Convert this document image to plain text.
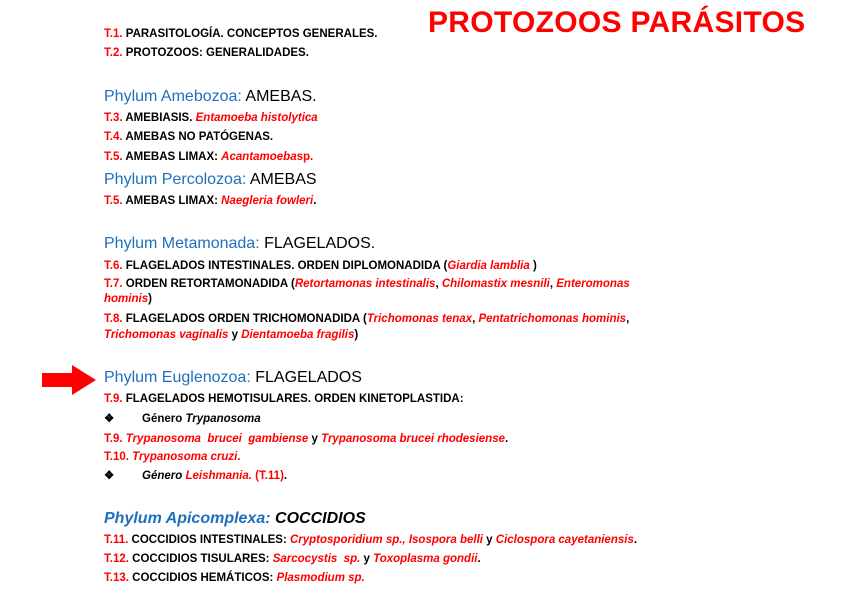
PROTOZOOS PARÁSITOS
T.1. PARASITOLOGÍA. CONCEPTOS GENERALES.
T.2. PROTOZOOS: GENERALIDADES.
Phylum Amebozoa: AMEBAS.
T.3. AMEBIASIS. Entamoeba histolytica
T.4. AMEBAS NO PATÓGENAS.
T.5. AMEBAS LIMAX: Acantamoebasp.
Phylum Percolozoa: AMEBAS
T.5. AMEBAS LIMAX: Naegleria fowleri.
Phylum Metamonada: FLAGELADOS.
T.6. FLAGELADOS INTESTINALES. ORDEN DIPLOMONADIDA (Giardia lamblia )
T.7. ORDEN RETORTAMONADIDA (Retortamonas intestinalis, Chilomastix mesnili, Enteromonas
hominis)
T.8. FLAGELADOS ORDEN TRICHOMONADIDA (Trichomonas tenax, Pentatrichomonas hominis,
Trichomonas vaginalis y Dientamoeba fragilis)
Phylum Euglenozoa: FLAGELADOS
T.9. FLAGELADOS HEMOTISULARES. ORDEN KINETOPLASTIDA:
❖ Género Trypanosoma
T.9. Trypanosoma  brucei  gambiense y Trypanosoma brucei rhodesiense.
T.10. Trypanosoma cruzi.
❖ Género Leishmania. (T.11).
Phylum Apicomplexa: COCCIDIOS
T.11. COCCIDIOS INTESTINALES: Cryptosporidium sp., Isospora belli y Ciclospora cayetaniensis.
T.12. COCCIDIOS TISULARES: Sarcocystis  sp. y Toxoplasma gondii.
T.13. COCCIDIOS HEMÁTICOS: Plasmodium sp.
